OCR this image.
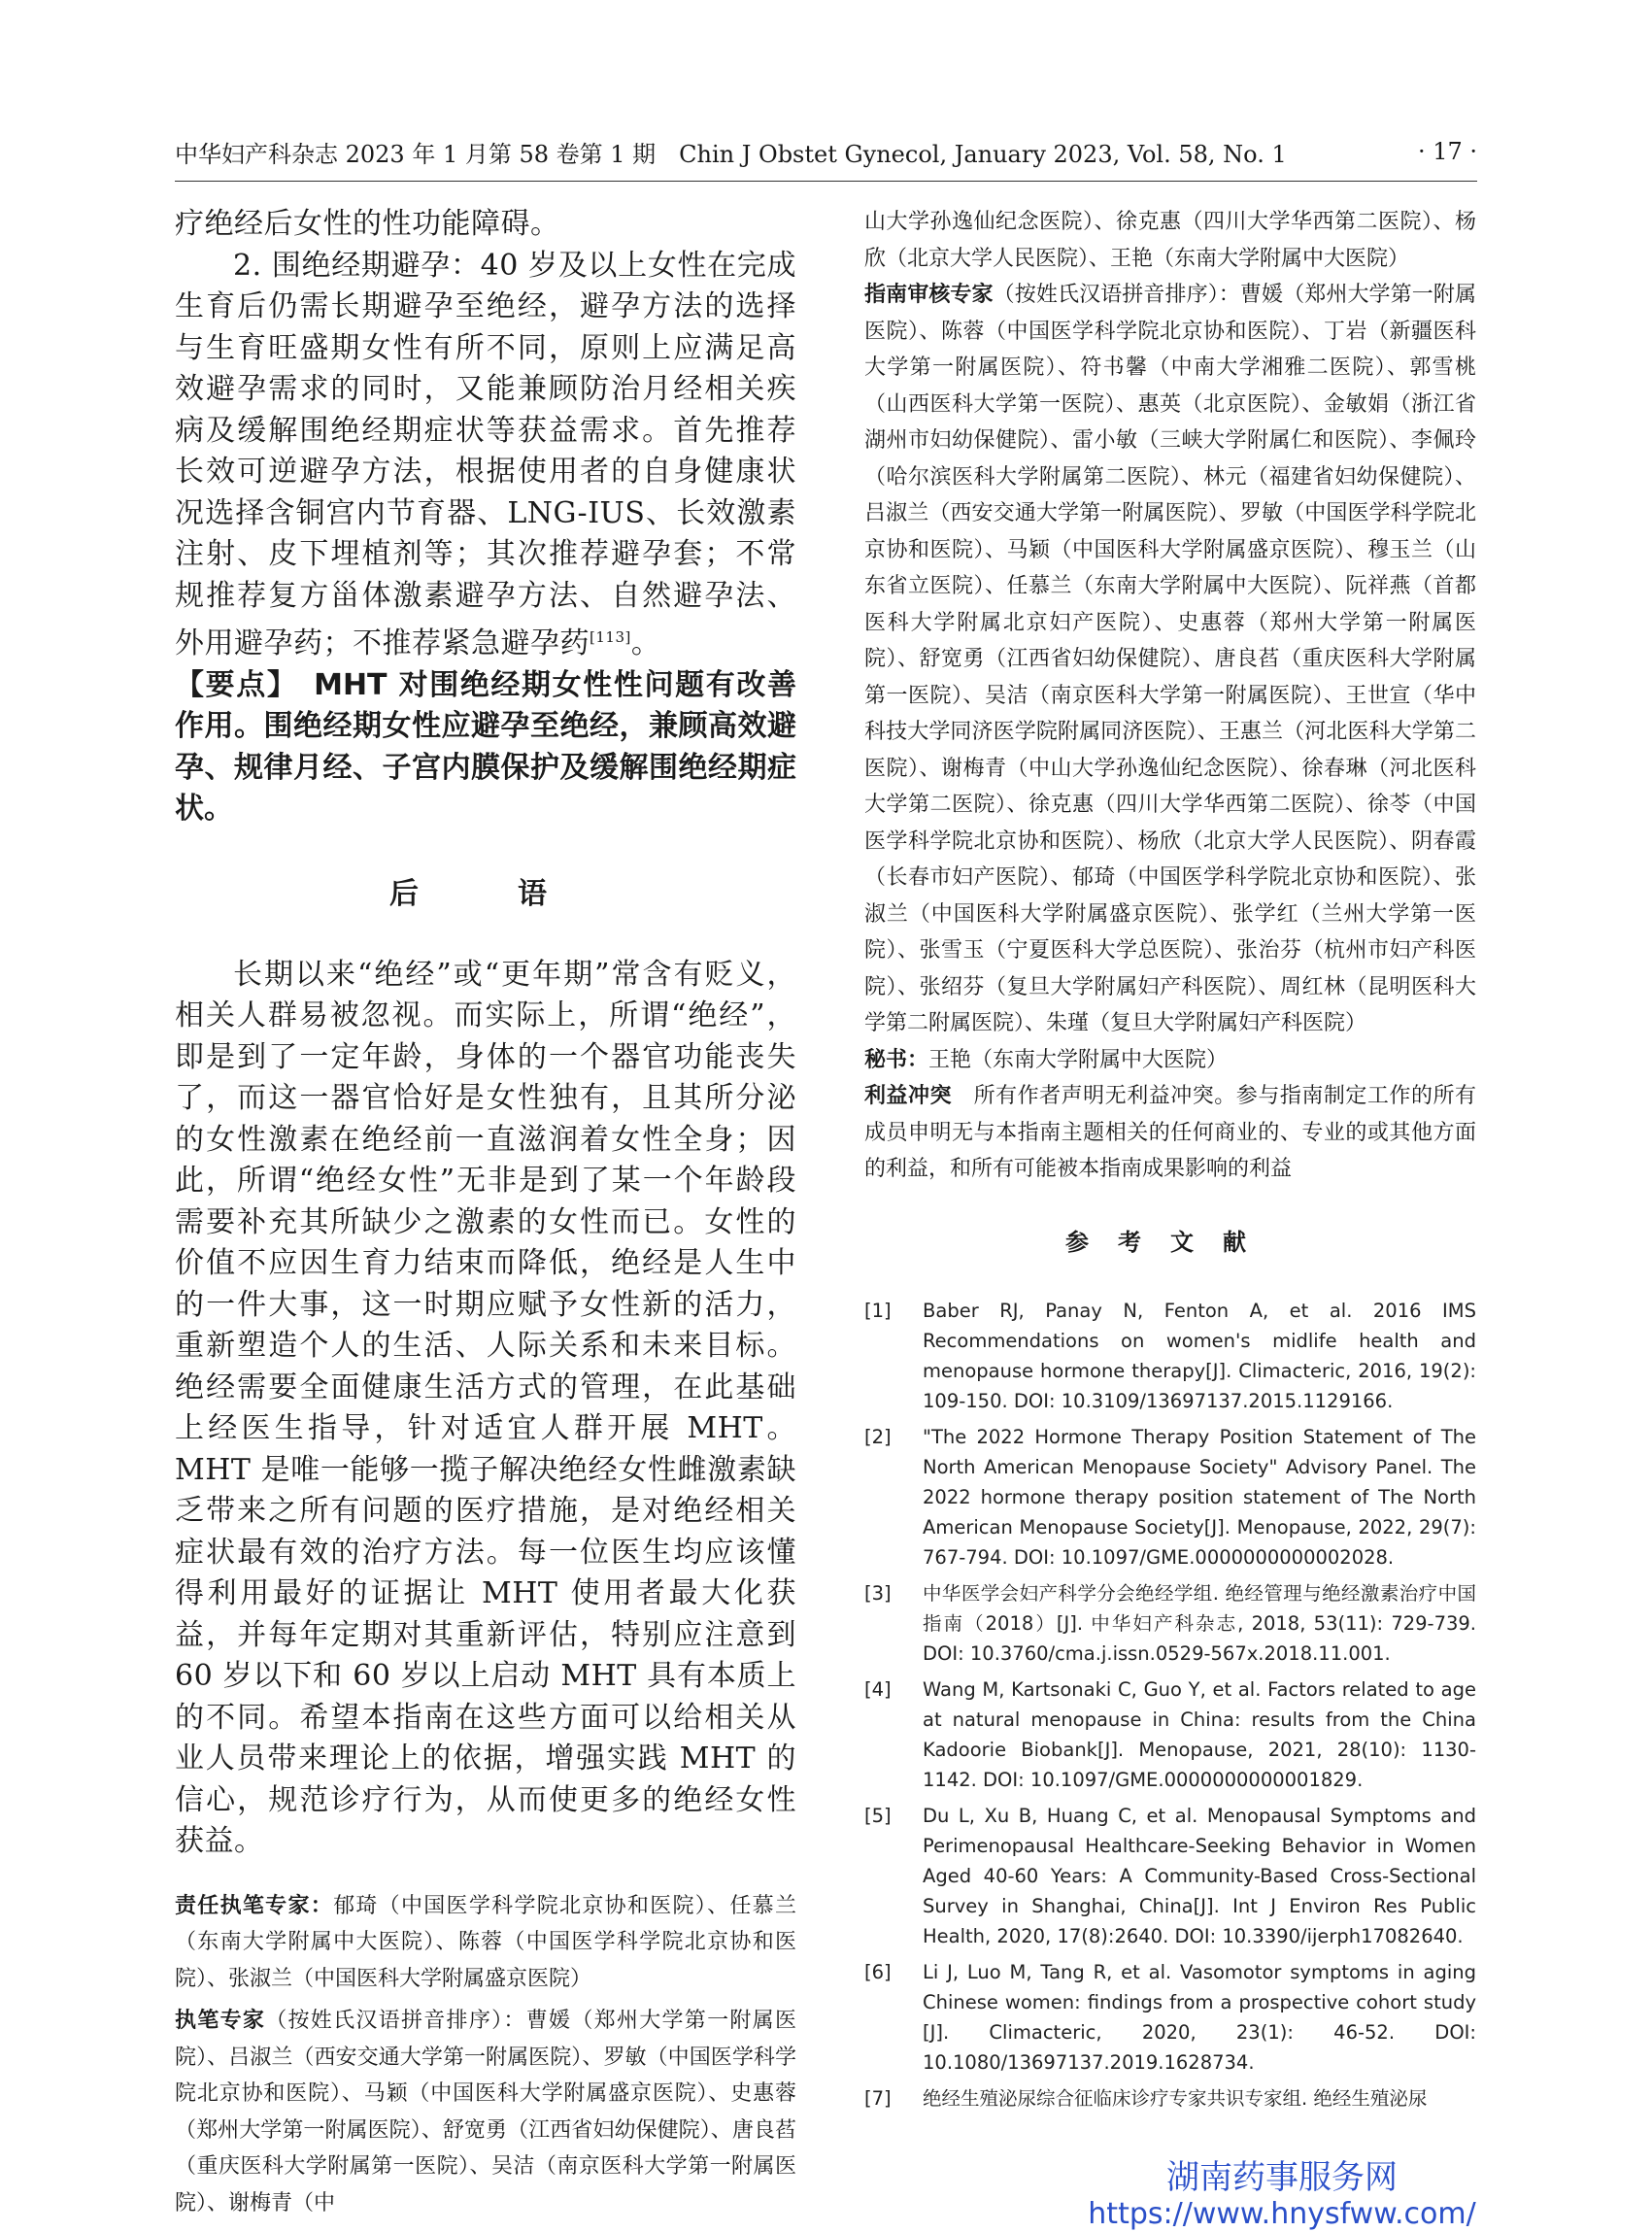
中华妇产科杂志 2023 年 1 月第 58 卷第 1 期　Chin J Obstet Gynecol, January 2023, Vol. 58, No. 1	· 17 ·

疗绝经后女性的性功能障碍。

2. 围绝经期避孕：40 岁及以上女性在完成生育后仍需长期避孕至绝经，避孕方法的选择与生育旺盛期女性有所不同，原则上应满足高效避孕需求的同时，又能兼顾防治月经相关疾病及缓解围绝经期症状等获益需求。首先推荐长效可逆避孕方法，根据使用者的自身健康状况选择含铜宫内节育器、LNG-IUS、长效激素注射、皮下埋植剂等；其次推荐避孕套；不常规推荐复方甾体激素避孕方法、自然避孕法、外用避孕药；不推荐紧急避孕药[113]。

【要点】　MHT 对围绝经期女性性问题有改善作用。围绝经期女性应避孕至绝经，兼顾高效避孕、规律月经、子宫内膜保护及缓解围绝经期症状。

后　语

长期以来“绝经”或“更年期”常含有贬义，相关人群易被忽视。而实际上，所谓“绝经”，即是到了一定年龄，身体的一个器官功能丧失了，而这一器官恰好是女性独有，且其所分泌的女性激素在绝经前一直滋润着女性全身；因此，所谓“绝经女性”无非是到了某一个年龄段需要补充其所缺少之激素的女性而已。女性的价值不应因生育力结束而降低，绝经是人生中的一件大事，这一时期应赋予女性新的活力，重新塑造个人的生活、人际关系和未来目标。绝经需要全面健康生活方式的管理，在此基础上经医生指导，针对适宜人群开展 MHT。MHT 是唯一能够一揽子解决绝经女性雌激素缺乏带来之所有问题的医疗措施，是对绝经相关症状最有效的治疗方法。每一位医生均应该懂得利用最好的证据让 MHT 使用者最大化获益，并每年定期对其重新评估，特别应注意到 60 岁以下和 60 岁以上启动 MHT 具有本质上的不同。希望本指南在这些方面可以给相关从业人员带来理论上的依据，增强实践 MHT 的信心，规范诊疗行为，从而使更多的绝经女性获益。

责任执笔专家：郁琦（中国医学科学院北京协和医院）、任慕兰（东南大学附属中大医院）、陈蓉（中国医学科学院北京协和医院）、张淑兰（中国医科大学附属盛京医院）

执笔专家（按姓氏汉语拼音排序）：曹媛（郑州大学第一附属医院）、吕淑兰（西安交通大学第一附属医院）、罗敏（中国医学科学院北京协和医院）、马颖（中国医科大学附属盛京医院）、史惠蓉（郑州大学第一附属医院）、舒宽勇（江西省妇幼保健院）、唐良萏（重庆医科大学附属第一医院）、吴洁（南京医科大学第一附属医院）、谢梅青（中

山大学孙逸仙纪念医院）、徐克惠（四川大学华西第二医院）、杨欣（北京大学人民医院）、王艳（东南大学附属中大医院）

指南审核专家（按姓氏汉语拼音排序）：曹媛（郑州大学第一附属医院）、陈蓉（中国医学科学院北京协和医院）、丁岩（新疆医科大学第一附属医院）、符书馨（中南大学湘雅二医院）、郭雪桃（山西医科大学第一医院）、惠英（北京医院）、金敏娟（浙江省湖州市妇幼保健院）、雷小敏（三峡大学附属仁和医院）、李佩玲（哈尔滨医科大学附属第二医院）、林元（福建省妇幼保健院）、吕淑兰（西安交通大学第一附属医院）、罗敏（中国医学科学院北京协和医院）、马颖（中国医科大学附属盛京医院）、穆玉兰（山东省立医院）、任慕兰（东南大学附属中大医院）、阮祥燕（首都医科大学附属北京妇产医院）、史惠蓉（郑州大学第一附属医院）、舒宽勇（江西省妇幼保健院）、唐良萏（重庆医科大学附属第一医院）、吴洁（南京医科大学第一附属医院）、王世宣（华中科技大学同济医学院附属同济医院）、王惠兰（河北医科大学第二医院）、谢梅青（中山大学孙逸仙纪念医院）、徐春琳（河北医科大学第二医院）、徐克惠（四川大学华西第二医院）、徐苓（中国医学科学院北京协和医院）、杨欣（北京大学人民医院）、阴春霞（长春市妇产医院）、郁琦（中国医学科学院北京协和医院）、张淑兰（中国医科大学附属盛京医院）、张学红（兰州大学第一医院）、张雪玉（宁夏医科大学总医院）、张治芬（杭州市妇产科医院）、张绍芬（复旦大学附属妇产科医院）、周红林（昆明医科大学第二附属医院）、朱瑾（复旦大学附属妇产科医院）

秘书：王艳（东南大学附属中大医院）

利益冲突　所有作者声明无利益冲突。参与指南制定工作的所有成员申明无与本指南主题相关的任何商业的、专业的或其他方面的利益，和所有可能被本指南成果影响的利益

参考文献
[1]	Baber RJ, Panay N, Fenton A, et al. 2016 IMS Recommendations on women's midlife health and menopause hormone therapy[J]. Climacteric, 2016, 19(2): 109-150. DOI: 10.3109/13697137.2015.1129166.
[2]	"The 2022 Hormone Therapy Position Statement of The North American Menopause Society" Advisory Panel. The 2022 hormone therapy position statement of The North American Menopause Society[J]. Menopause, 2022, 29(7): 767-794. DOI: 10.1097/GME.0000000000002028.
[3]	中华医学会妇产科学分会绝经学组. 绝经管理与绝经激素治疗中国指南（2018）[J]. 中华妇产科杂志, 2018, 53(11): 729-739. DOI: 10.3760/cma.j.issn.0529-567x.2018.11.001.
[4]	Wang M, Kartsonaki C, Guo Y, et al. Factors related to age at natural menopause in China: results from the China Kadoorie Biobank[J]. Menopause, 2021, 28(10): 1130-1142. DOI: 10.1097/GME.0000000000001829.
[5]	Du L, Xu B, Huang C, et al. Menopausal Symptoms and Perimenopausal Healthcare-Seeking Behavior in Women Aged 40-60 Years: A Community-Based Cross-Sectional Survey in Shanghai, China[J]. Int J Environ Res Public Health, 2020, 17(8):2640. DOI: 10.3390/ijerph17082640.
[6]	Li J, Luo M, Tang R, et al. Vasomotor symptoms in aging Chinese women: findings from a prospective cohort study [J]. Climacteric, 2020, 23(1): 46-52. DOI: 10.1080/13697137.2019.1628734.
[7]	绝经生殖泌尿综合征临床诊疗专家共识专家组. 绝经生殖泌尿
湖南药事服务网
https://www.hnysfww.com/
